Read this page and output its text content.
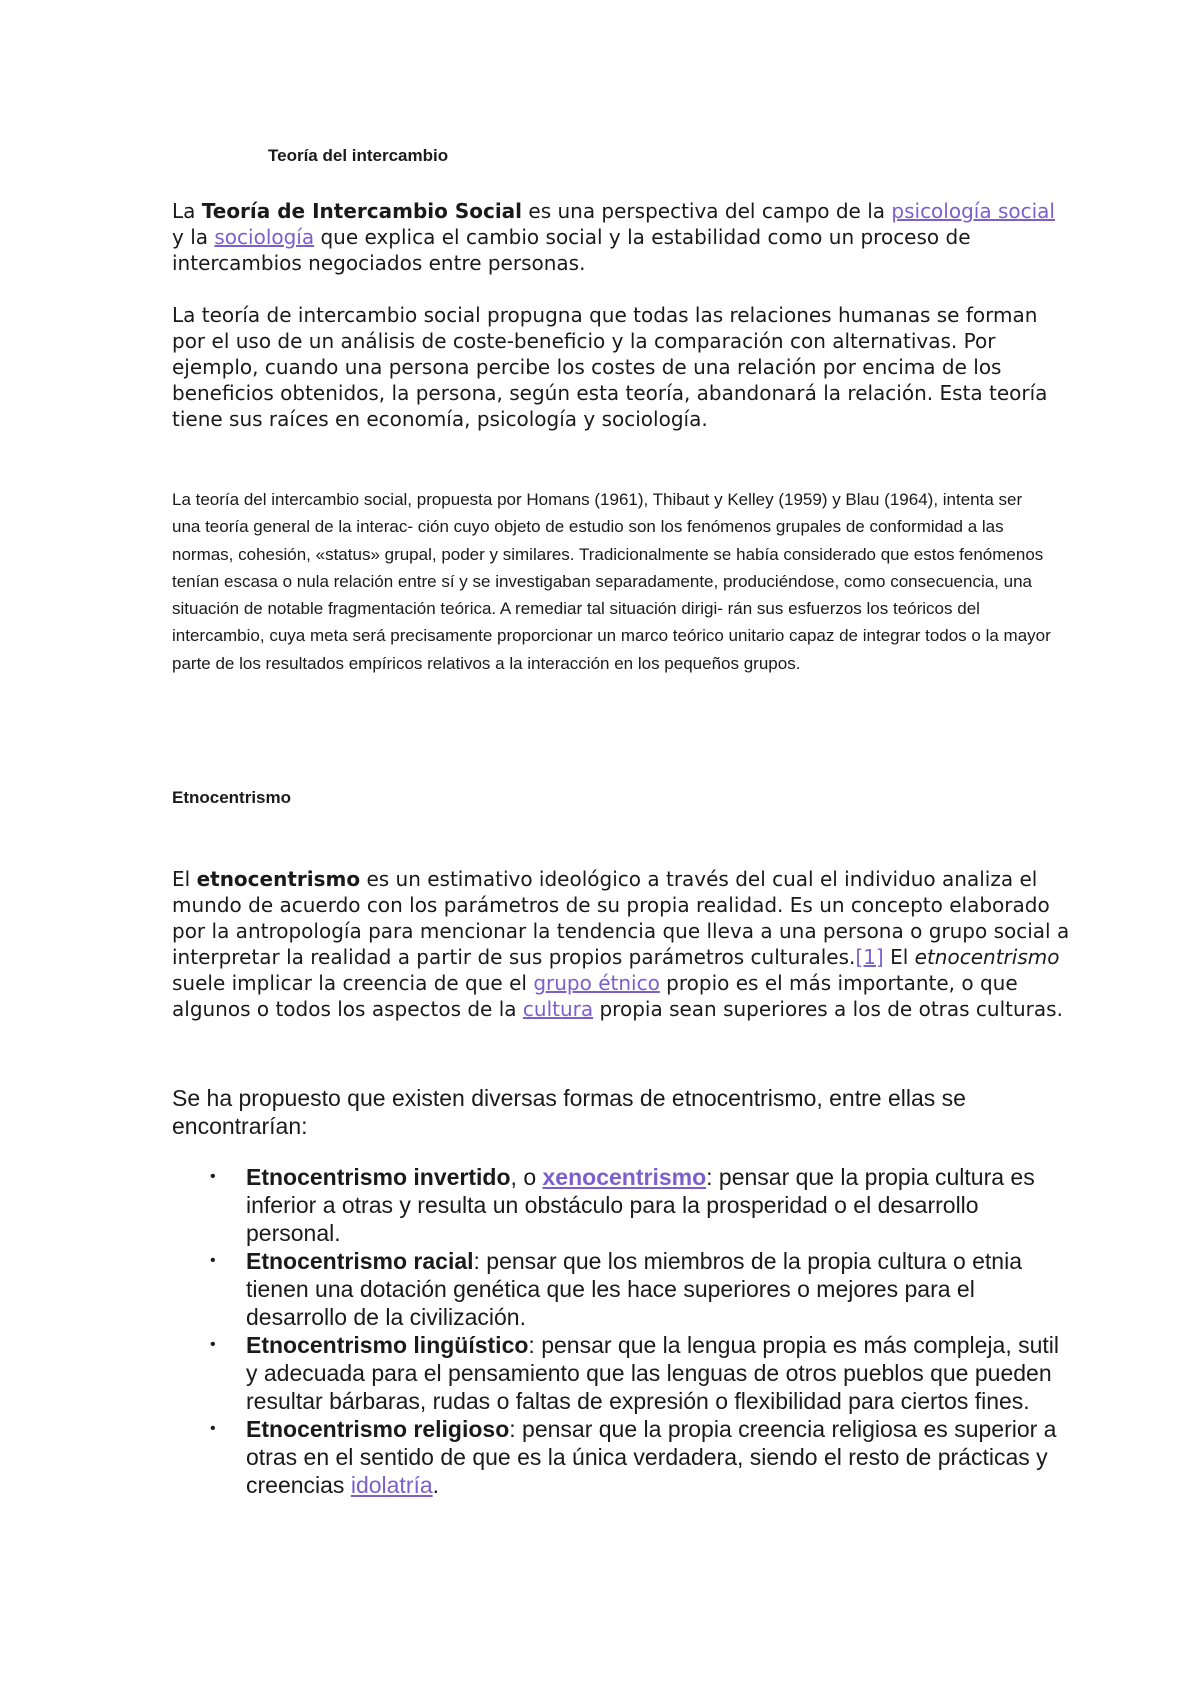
Teoría del intercambio
La Teoría de Intercambio Social es una perspectiva del campo de la psicología social y la sociología que explica el cambio social y la estabilidad como un proceso de intercambios negociados entre personas.
La teoría de intercambio social propugna que todas las relaciones humanas se forman por el uso de un análisis de coste-beneficio y la comparación con alternativas. Por ejemplo, cuando una persona percibe los costes de una relación por encima de los beneficios obtenidos, la persona, según esta teoría, abandonará la relación. Esta teoría tiene sus raíces en economía, psicología y sociología.
La teoría del intercambio social, propuesta por Homans (1961), Thibaut y Kelley (1959) y Blau (1964), intenta ser una teoría general de la interac- ción cuyo objeto de estudio son los fenómenos grupales de conformidad a las normas, cohesión, «status» grupal, poder y similares. Tradicionalmente se había considerado que estos fenómenos tenían escasa o nula relación entre sí y se investigaban separadamente, produciéndose, como consecuencia, una situación de notable fragmentación teórica. A remediar tal situación dirigi- rán sus esfuerzos los teóricos del intercambio, cuya meta será precisamente proporcionar un marco teórico unitario capaz de integrar todos o la mayor parte de los resultados empíricos relativos a la interacción en los pequeños grupos.
Etnocentrismo
El etnocentrismo es un estimativo ideológico a través del cual el individuo analiza el mundo de acuerdo con los parámetros de su propia realidad. Es un concepto elaborado por la antropología para mencionar la tendencia que lleva a una persona o grupo social a interpretar la realidad a partir de sus propios parámetros culturales.[1] El etnocentrismo suele implicar la creencia de que el grupo étnico propio es el más importante, o que algunos o todos los aspectos de la cultura propia sean superiores a los de otras culturas.
Se ha propuesto que existen diversas formas de etnocentrismo, entre ellas se encontrarían:
• Etnocentrismo invertido, o xenocentrismo: pensar que la propia cultura es inferior a otras y resulta un obstáculo para la prosperidad o el desarrollo personal.
• Etnocentrismo racial: pensar que los miembros de la propia cultura o etnia tienen una dotación genética que les hace superiores o mejores para el desarrollo de la civilización.
• Etnocentrismo lingüístico: pensar que la lengua propia es más compleja, sutil y adecuada para el pensamiento que las lenguas de otros pueblos que pueden resultar bárbaras, rudas o faltas de expresión o flexibilidad para ciertos fines.
• Etnocentrismo religioso: pensar que la propia creencia religiosa es superior a otras en el sentido de que es la única verdadera, siendo el resto de prácticas y creencias idolatría.
